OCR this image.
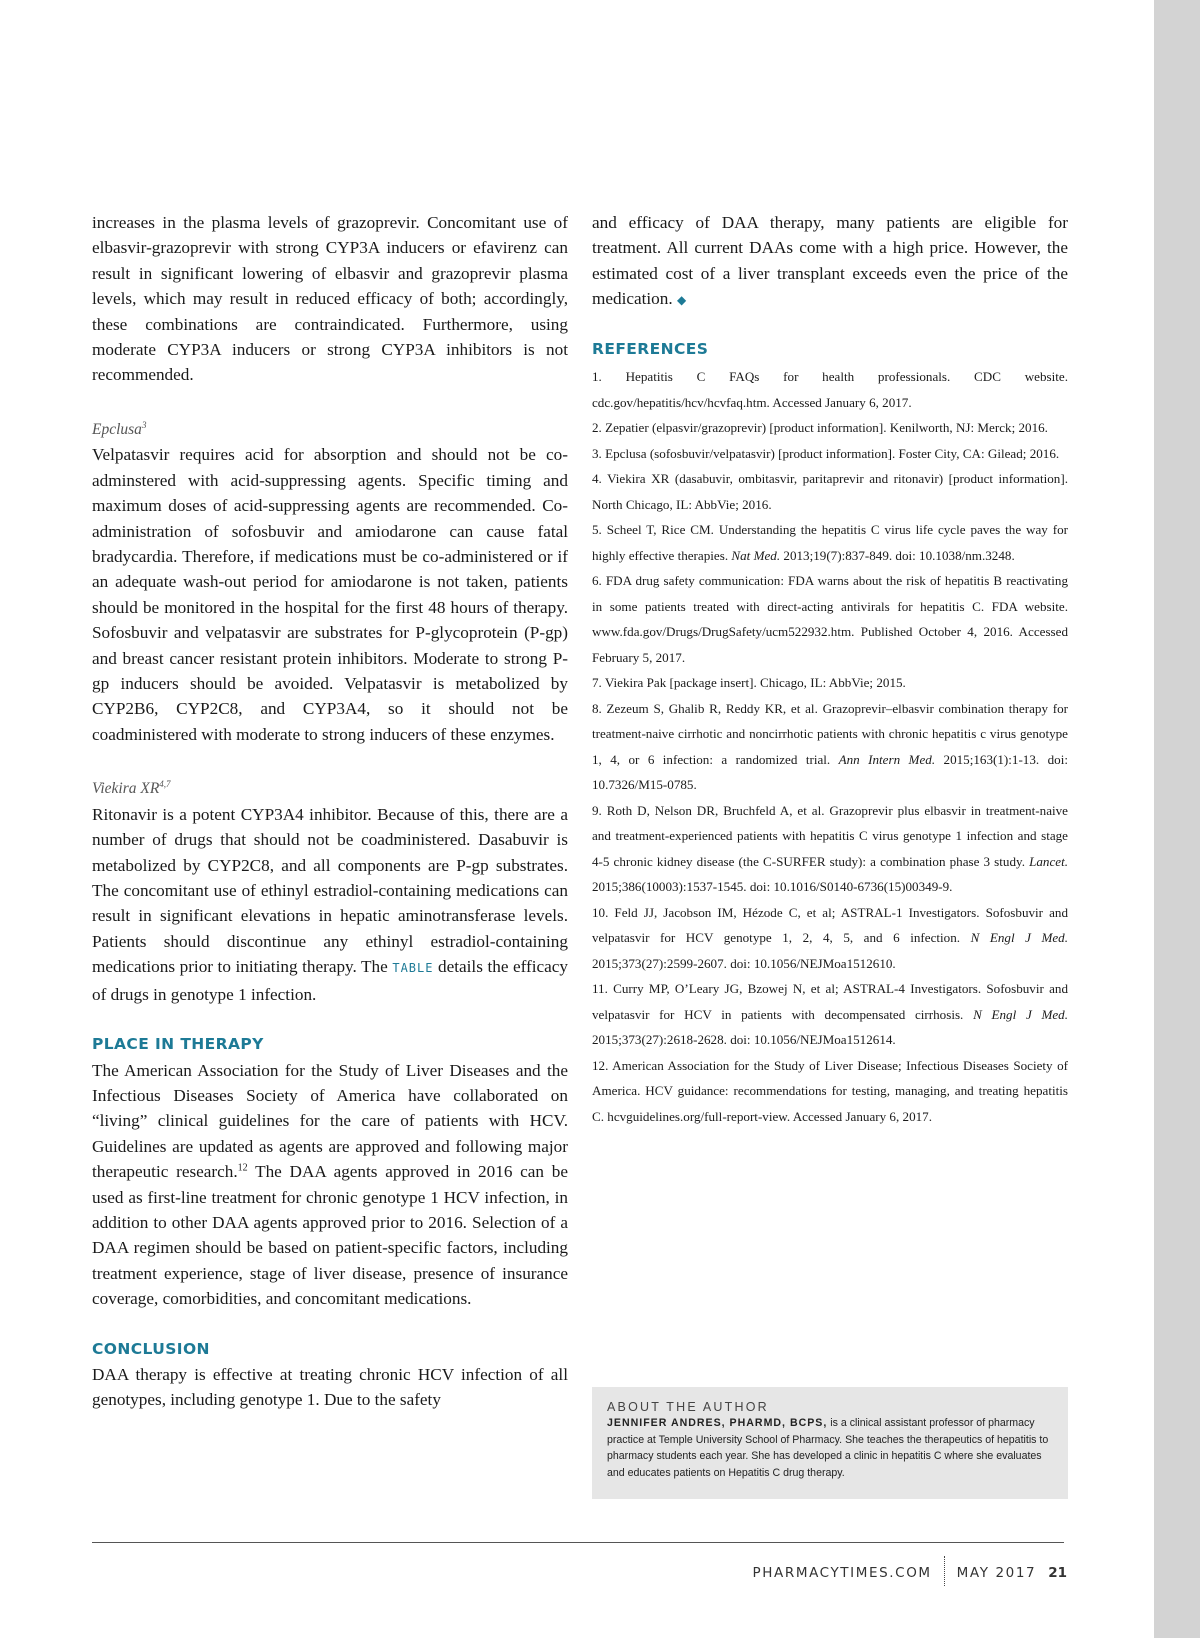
increases in the plasma levels of grazoprevir. Concomitant use of elbasvir-grazoprevir with strong CYP3A inducers or efavirenz can result in significant lowering of elbasvir and grazoprevir plasma levels, which may result in reduced efficacy of both; accordingly, these combinations are contraindicated. Furthermore, using moderate CYP3A inducers or strong CYP3A inhibitors is not recommended.

Epclusa$^3$

Velpatasvir requires acid for absorption and should not be co-adminstered with acid-suppressing agents. Specific timing and maximum doses of acid-suppressing agents are recommended. Co-administration of sofosbuvir and amiodarone can cause fatal bradycardia. Therefore, if medications must be co-administered or if an adequate wash-out period for amiodarone is not taken, patients should be monitored in the hospital for the first 48 hours of therapy. Sofosbuvir and velpatasvir are substrates for P-glycoprotein (P-gp) and breast cancer resistant protein inhibitors. Moderate to strong P-gp inducers should be avoided. Velpatasvir is metabolized by CYP2B6, CYP2C8, and CYP3A4, so it should not be coadministered with moderate to strong inducers of these enzymes.

Viekira XR$^{4,7}$

Ritonavir is a potent CYP3A4 inhibitor. Because of this, there are a number of drugs that should not be coadministered. Dasabuvir is metabolized by CYP2C8, and all components are P-gp substrates. The concomitant use of ethinyl estradiol-containing medications can result in significant elevations in hepatic aminotransferase levels. Patients should discontinue any ethinyl estradiol-containing medications prior to initiating therapy. The TABLE details the efficacy of drugs in genotype 1 infection.

PLACE IN THERAPY

The American Association for the Study of Liver Diseases and the Infectious Diseases Society of America have collaborated on “living” clinical guidelines for the care of patients with HCV. Guidelines are updated as agents are approved and following major therapeutic research.$^{12}$ The DAA agents approved in 2016 can be used as first-line treatment for chronic genotype 1 HCV infection, in addition to other DAA agents approved prior to 2016. Selection of a DAA regimen should be based on patient-specific factors, including treatment experience, stage of liver disease, presence of insurance coverage, comorbidities, and concomitant medications.

CONCLUSION

DAA therapy is effective at treating chronic HCV infection of all genotypes, including genotype 1. Due to the safety

and efficacy of DAA therapy, many patients are eligible for treatment. All current DAAs come with a high price. However, the estimated cost of a liver transplant exceeds even the price of the medication. ◆

REFERENCES

1. Hepatitis C FAQs for health professionals. CDC website. cdc.gov/hepatitis/hcv/hcvfaq.htm. Accessed January 6, 2017.

2. Zepatier (elpasvir/grazoprevir) [product information]. Kenilworth, NJ: Merck; 2016.

3. Epclusa (sofosbuvir/velpatasvir) [product information]. Foster City, CA: Gilead; 2016.

4. Viekira XR (dasabuvir, ombitasvir, paritaprevir and ritonavir) [product information]. North Chicago, IL: AbbVie; 2016.

5. Scheel T, Rice CM. Understanding the hepatitis C virus life cycle paves the way for highly effective therapies. Nat Med. 2013;19(7):837-849. doi: 10.1038/nm.3248.

6. FDA drug safety communication: FDA warns about the risk of hepatitis B reactivating in some patients treated with direct-acting antivirals for hepatitis C. FDA website. www.fda.gov/Drugs/DrugSafety/ucm522932.htm. Published October 4, 2016. Accessed February 5, 2017.

7. Viekira Pak [package insert]. Chicago, IL: AbbVie; 2015.

8. Zezeum S, Ghalib R, Reddy KR, et al. Grazoprevir–elbasvir combination therapy for treatment-naive cirrhotic and noncirrhotic patients with chronic hepatitis c virus genotype 1, 4, or 6 infection: a randomized trial. Ann Intern Med. 2015;163(1):1-13. doi: 10.7326/M15-0785.

9. Roth D, Nelson DR, Bruchfeld A, et al. Grazoprevir plus elbasvir in treatment-naive and treatment-experienced patients with hepatitis C virus genotype 1 infection and stage 4-5 chronic kidney disease (the C-SURFER study): a combination phase 3 study. Lancet. 2015;386(10003):1537-1545. doi: 10.1016/S0140-6736(15)00349-9.

10. Feld JJ, Jacobson IM, Hézode C, et al; ASTRAL-1 Investigators. Sofosbuvir and velpatasvir for HCV genotype 1, 2, 4, 5, and 6 infection. N Engl J Med. 2015;373(27):2599-2607. doi: 10.1056/NEJMoa1512610.

11. Curry MP, O’Leary JG, Bzowej N, et al; ASTRAL-4 Investigators. Sofosbuvir and velpatasvir for HCV in patients with decompensated cirrhosis. N Engl J Med. 2015;373(27):2618-2628. doi: 10.1056/NEJMoa1512614.

12. American Association for the Study of Liver Disease; Infectious Diseases Society of America. HCV guidance: recommendations for testing, managing, and treating hepatitis C. hcvguidelines.org/full-report-view. Accessed January 6, 2017.

ABOUT THE AUTHOR

JENNIFER ANDRES, PHARMD, BCPS, is a clinical assistant professor of pharmacy practice at Temple University School of Pharmacy. She teaches the therapeutics of hepatitis to pharmacy students each year. She has developed a clinic in hepatitis C where she evaluates and educates patients on Hepatitis C drug therapy.

PHARMACYTIMES.COM MAY 2017 21
